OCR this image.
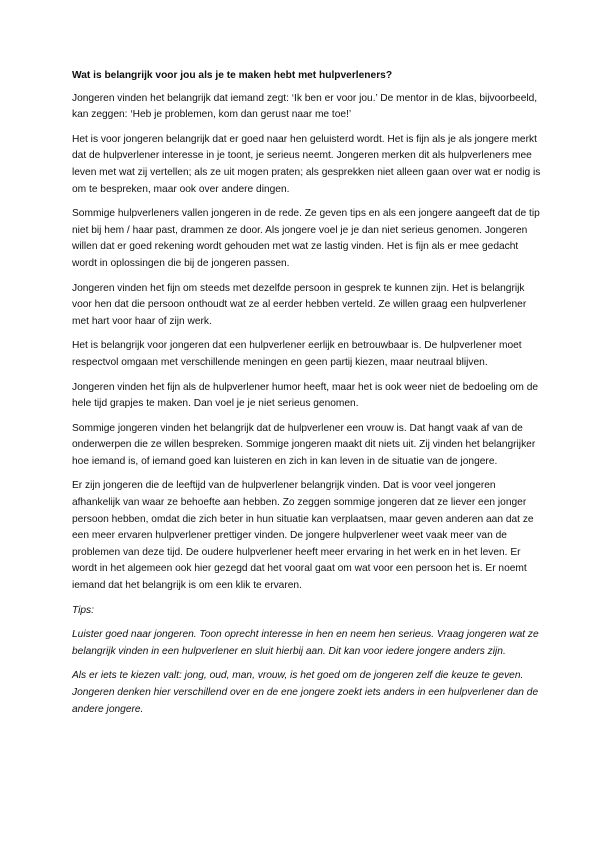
Wat is belangrijk voor jou als je te maken hebt met hulpverleners?

Jongeren vinden het belangrijk dat iemand zegt: ‘Ik ben er voor jou.’ De mentor in de klas, bijvoorbeeld, kan zeggen: ‘Heb je problemen, kom dan gerust naar me toe!’

Het is voor jongeren belangrijk dat er goed naar hen geluisterd wordt. Het is fijn als je als jongere merkt dat de hulpverlener interesse in je toont, je serieus neemt. Jongeren merken dit als hulpverleners mee leven met wat zij vertellen; als ze uit mogen praten; als gesprekken niet alleen gaan over wat er nodig is om te bespreken, maar ook over andere dingen.

Sommige hulpverleners vallen jongeren in de rede. Ze geven tips en als een jongere aangeeft dat de tip niet bij hem / haar past, drammen ze door. Als jongere voel je je dan niet serieus genomen. Jongeren willen dat er goed rekening wordt gehouden met wat ze lastig vinden. Het is fijn als er mee gedacht wordt in oplossingen die bij de jongeren passen.

Jongeren vinden het fijn om steeds met dezelfde persoon in gesprek te kunnen zijn. Het is belangrijk voor hen dat die persoon onthoudt wat ze al eerder hebben verteld. Ze willen graag een hulpverlener met hart voor haar of zijn werk.

Het is belangrijk voor jongeren dat een hulpverlener eerlijk en betrouwbaar is. De hulpverlener moet respectvol omgaan met verschillende meningen en geen partij kiezen, maar neutraal blijven.

Jongeren vinden het fijn als de hulpverlener humor heeft, maar het is ook weer niet de bedoeling om de hele tijd grapjes te maken. Dan voel je je niet serieus genomen.

Sommige jongeren vinden het belangrijk dat de hulpverlener een vrouw is. Dat hangt vaak af van de onderwerpen die ze willen bespreken. Sommige jongeren maakt dit niets uit. Zij vinden het belangrijker hoe iemand is, of iemand goed kan luisteren en zich in kan leven in de situatie van de jongere.

Er zijn jongeren die de leeftijd van de hulpverlener belangrijk vinden. Dat is voor veel jongeren afhankelijk van waar ze behoefte aan hebben. Zo zeggen sommige jongeren dat ze liever een jonger persoon hebben, omdat die zich beter in hun situatie kan verplaatsen, maar geven anderen aan dat ze een meer ervaren hulpverlener prettiger vinden. De jongere hulpverlener weet vaak meer van de problemen van deze tijd. De oudere hulpverlener heeft meer ervaring in het werk en in het leven. Er wordt in het algemeen ook hier gezegd dat het vooral gaat om wat voor een persoon het is. Er noemt iemand dat het belangrijk is om een klik te ervaren.

Tips:

Luister goed naar jongeren. Toon oprecht interesse in hen en neem hen serieus. Vraag jongeren wat ze belangrijk vinden in een hulpverlener en sluit hierbij aan. Dit kan voor iedere jongere anders zijn.

Als er iets te kiezen valt: jong, oud, man, vrouw, is het goed om de jongeren zelf die keuze te geven. Jongeren denken hier verschillend over en de ene jongere zoekt iets anders in een hulpverlener dan de andere jongere.
